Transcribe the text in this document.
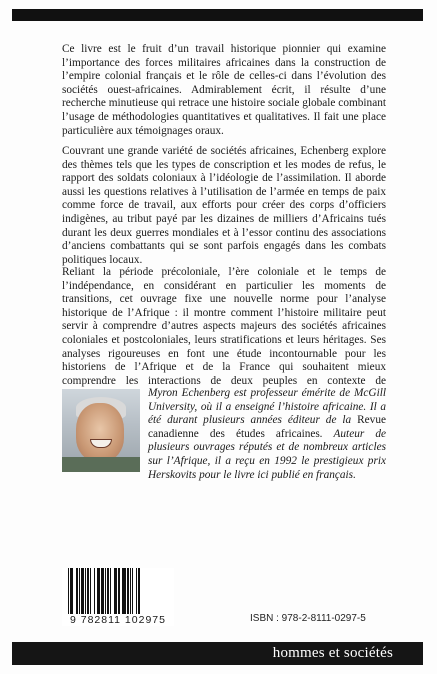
Ce livre est le fruit d’un travail historique pionnier qui examine l’importance des forces militaires africaines dans la construction de l’empire colonial français et le rôle de celles-ci dans l’évolution des sociétés ouest-africaines. Admirablement écrit, il résulte d’une recherche minutieuse qui retrace une histoire sociale globale combinant l’usage de méthodologies quantitatives et qualitatives. Il fait une place particulière aux témoignages oraux.

Couvrant une grande variété de sociétés africaines, Echenberg explore des thèmes tels que les types de conscription et les modes de refus, le rapport des soldats coloniaux à l’idéologie de l’assimilation. Il aborde aussi les questions relatives à l’utilisation de l’armée en temps de paix comme force de travail, aux efforts pour créer des corps d’officiers indigènes, au tribut payé par les dizaines de milliers d’Africains tués durant les deux guerres mondiales et à l’essor continu des associations d’anciens combattants qui se sont parfois engagés dans les combats politiques locaux.

Reliant la période précoloniale, l’ère coloniale et le temps de l’indépendance, en considérant en particulier les moments de transitions, cet ouvrage fixe une nouvelle norme pour l’analyse historique de l’Afrique : il montre comment l’histoire militaire peut servir à comprendre d’autres aspects majeurs des sociétés africaines coloniales et postcoloniales, leurs stratifications et leurs héritages. Ses analyses rigoureuses en font une étude incontournable pour les historiens de l’Afrique et de la France qui souhaitent mieux comprendre les interactions de deux peuples en contexte de

Myron Echenberg est professeur émérite de McGill University, où il a enseigné l’histoire africaine. Il a été durant plusieurs années éditeur de la Revue canadienne des études africaines. Auteur de plusieurs ouvrages réputés et de nombreux articles sur l’Afrique, il a reçu en 1992 le prestigieux prix Herskovits pour le livre ici publié en français.

9 782811 102975	ISBN : 978-2-8111-0297-5
hommes et sociétés
